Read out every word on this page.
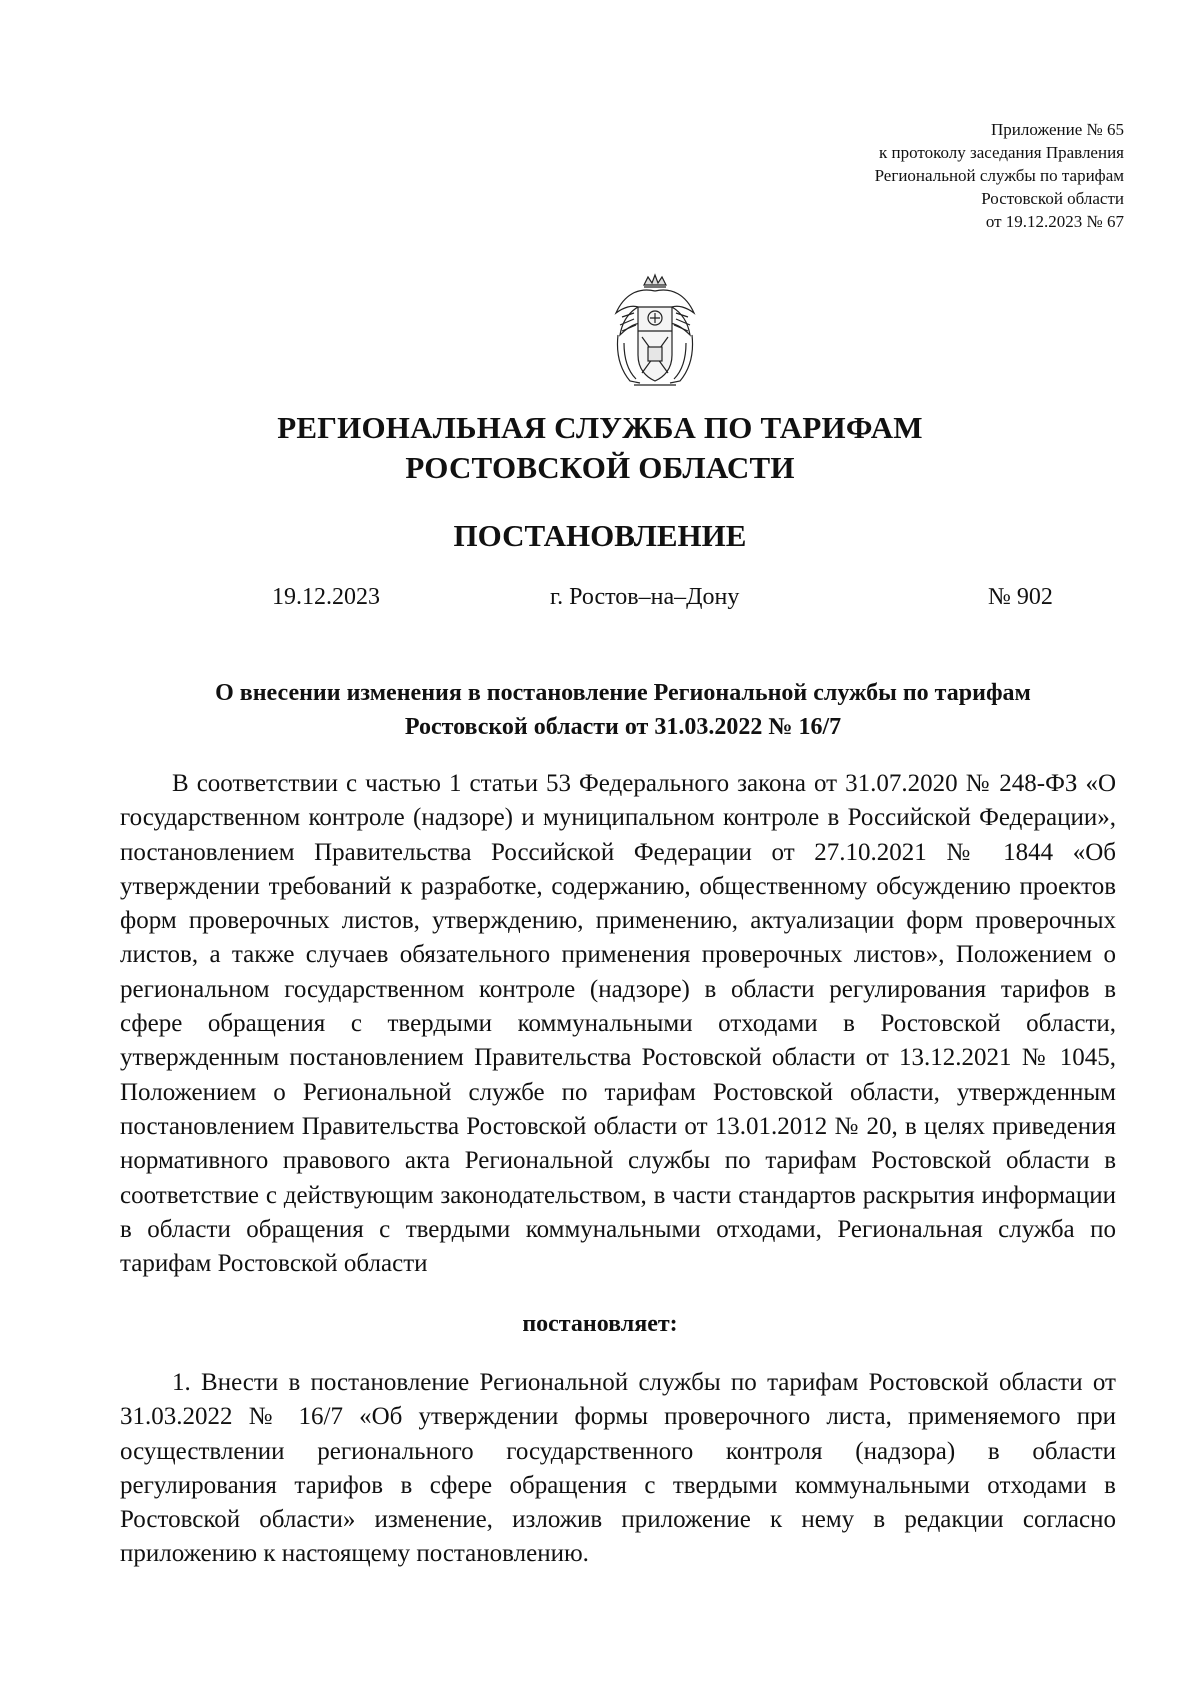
Приложение № 65
к протоколу заседания Правления
Региональной службы по тарифам
Ростовской области
от 19.12.2023 № 67
РЕГИОНАЛЬНАЯ СЛУЖБА ПО ТАРИФАМ
РОСТОВСКОЙ ОБЛАСТИ
ПОСТАНОВЛЕНИЕ
19.12.2023	г. Ростов–на–Дону	№ 902
О внесении изменения в постановление Региональной службы по тарифам
Ростовской области от 31.03.2022 № 16/7
В соответствии с частью 1 статьи 53 Федерального закона от 31.07.2020 № 248-ФЗ «О государственном контроле (надзоре) и муниципальном контроле в Российской Федерации», постановлением Правительства Российской Федерации от 27.10.2021 № 1844 «Об утверждении требований к разработке, содержанию, общественному обсуждению проектов форм проверочных листов, утверждению, применению, актуализации форм проверочных листов, а также случаев обязательного применения проверочных листов», Положением о региональном государственном контроле (надзоре) в области регулирования тарифов в сфере обращения с твердыми коммунальными отходами в Ростовской области, утвержденным постановлением Правительства Ростовской области от 13.12.2021 № 1045, Положением о Региональной службе по тарифам Ростовской области, утвержденным постановлением Правительства Ростовской области от 13.01.2012 № 20, в целях приведения нормативного правового акта Региональной службы по тарифам Ростовской области в соответствие с действующим законодательством, в части стандартов раскрытия информации в области обращения с твердыми коммунальными отходами, Региональная служба по тарифам Ростовской области
постановляет:
1. Внести в постановление Региональной службы по тарифам Ростовской области от 31.03.2022 № 16/7 «Об утверждении формы проверочного листа, применяемого при осуществлении регионального государственного контроля (надзора) в области регулирования тарифов в сфере обращения с твердыми коммунальными отходами в Ростовской области» изменение, изложив приложение к нему в редакции согласно приложению к настоящему постановлению.
